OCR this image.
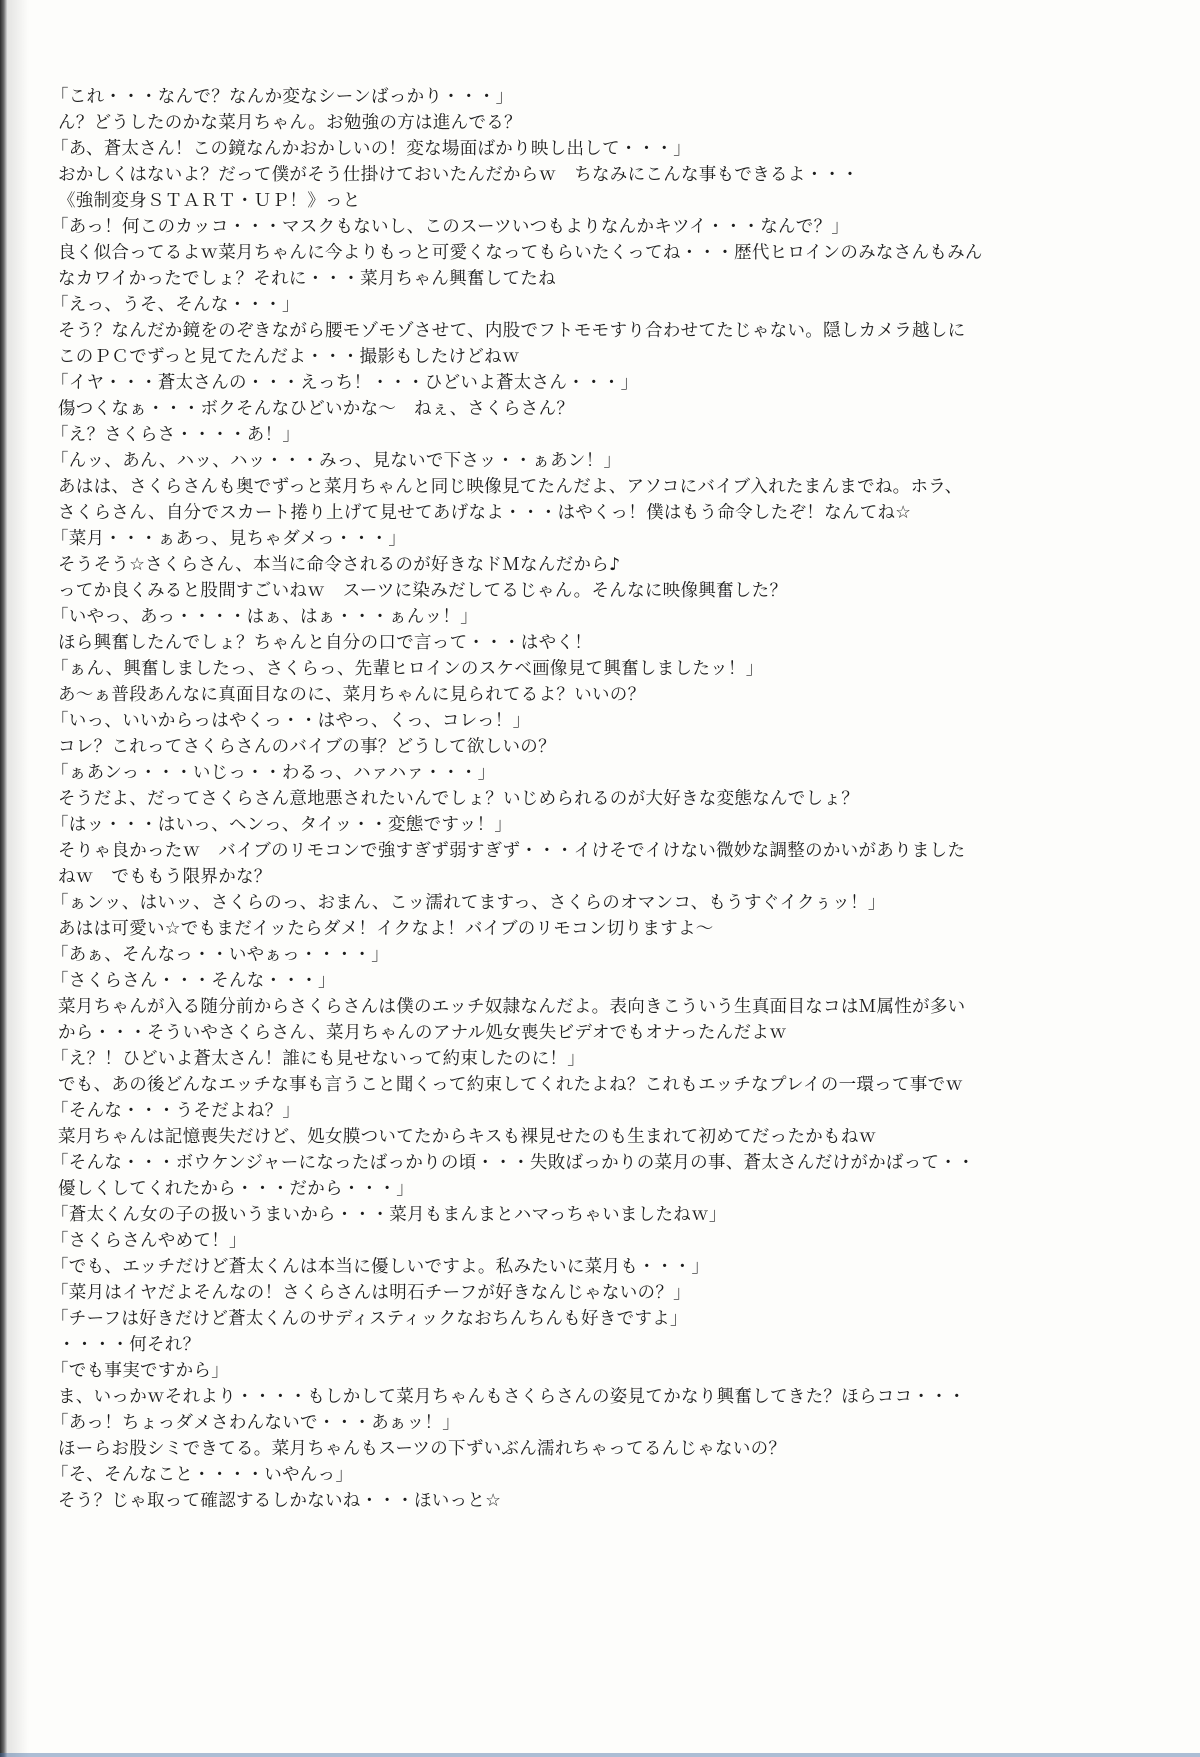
「これ・・・なんで？なんか変なシーンばっかり・・・」
ん？どうしたのかな菜月ちゃん。お勉強の方は進んでる？
「あ、蒼太さん！この鏡なんかおかしいの！変な場面ばかり映し出して・・・」
おかしくはないよ？だって僕がそう仕掛けておいたんだからｗ　ちなみにこんな事もできるよ・・・
《強制変身ＳＴＡＲＴ・ＵＰ！》っと
「あっ！何このカッコ・・・マスクもないし、このスーツいつもよりなんかキツイ・・・なんで？」
良く似合ってるよｗ菜月ちゃんに今よりもっと可愛くなってもらいたくってね・・・歴代ヒロインのみなさんもみん
なカワイかったでしょ？それに・・・菜月ちゃん興奮してたね
「えっ、うそ、そんな・・・」
そう？なんだか鏡をのぞきながら腰モゾモゾさせて、内股でフトモモすり合わせてたじゃない。隠しカメラ越しに
このＰＣでずっと見てたんだよ・・・撮影もしたけどねｗ
「イヤ・・・蒼太さんの・・・えっち！・・・ひどいよ蒼太さん・・・」
傷つくなぁ・・・ボクそんなひどいかな～　ねぇ、さくらさん？
「え？さくらさ・・・・あ！」
「んッ、あん、ハッ、ハッ・・・みっ、見ないで下さッ・・ぁあン！」
あはは、さくらさんも奥でずっと菜月ちゃんと同じ映像見てたんだよ、アソコにバイブ入れたまんまでね。ホラ、
さくらさん、自分でスカート捲り上げて見せてあげなよ・・・はやくっ！僕はもう命令したぞ！なんてね☆
「菜月・・・ぁあっ、見ちゃダメっ・・・」
そうそう☆さくらさん、本当に命令されるのが好きなドＭなんだから♪
ってか良くみると股間すごいねｗ　スーツに染みだしてるじゃん。そんなに映像興奮した？
「いやっ、あっ・・・・はぁ、はぁ・・・ぁんッ！」
ほら興奮したんでしょ？ちゃんと自分の口で言って・・・はやく！
「ぁん、興奮しましたっ、さくらっ、先輩ヒロインのスケベ画像見て興奮しましたッ！」
あ～ぁ普段あんなに真面目なのに、菜月ちゃんに見られてるよ？いいの？
「いっ、いいからっはやくっ・・はやっ、くっ、コレっ！」
コレ？これってさくらさんのバイブの事？どうして欲しいの？
「ぁあンっ・・・いじっ・・わるっ、ハァハァ・・・」
そうだよ、だってさくらさん意地悪されたいんでしょ？いじめられるのが大好きな変態なんでしょ？
「はッ・・・はいっ、ヘンっ、タイッ・・変態ですッ！」
そりゃ良かったｗ　バイブのリモコンで強すぎず弱すぎず・・・イけそでイけない微妙な調整のかいがありました
ねｗ　でももう限界かな？
「ぁンッ、はいッ、さくらのっ、おまん、こッ濡れてますっ、さくらのオマンコ、もうすぐイクぅッ！」
あはは可愛い☆でもまだイッたらダメ！イクなよ！バイブのリモコン切りますよ～
「あぁ、そんなっ・・いやぁっ・・・・」
「さくらさん・・・そんな・・・」
菜月ちゃんが入る随分前からさくらさんは僕のエッチ奴隷なんだよ。表向きこういう生真面目なコはＭ属性が多い
から・・・そういやさくらさん、菜月ちゃんのアナル処女喪失ビデオでもオナったんだよｗ
「え？！ひどいよ蒼太さん！誰にも見せないって約束したのに！」
でも、あの後どんなエッチな事も言うこと聞くって約束してくれたよね？これもエッチなプレイの一環って事でｗ
「そんな・・・うそだよね？」
菜月ちゃんは記憶喪失だけど、処女膜ついてたからキスも裸見せたのも生まれて初めてだったかもねｗ
「そんな・・・ボウケンジャーになったばっかりの頃・・・失敗ばっかりの菜月の事、蒼太さんだけがかばって・・
優しくしてくれたから・・・だから・・・」
「蒼太くん女の子の扱いうまいから・・・菜月もまんまとハマっちゃいましたねｗ」
「さくらさんやめて！」
「でも、エッチだけど蒼太くんは本当に優しいですよ。私みたいに菜月も・・・」
「菜月はイヤだよそんなの！さくらさんは明石チーフが好きなんじゃないの？」
「チーフは好きだけど蒼太くんのサディスティックなおちんちんも好きですよ」
・・・・何それ？
「でも事実ですから」
ま、いっかｗそれより・・・・もしかして菜月ちゃんもさくらさんの姿見てかなり興奮してきた？ほらココ・・・
「あっ！ちょっダメさわんないで・・・あぁッ！」
ほーらお股シミできてる。菜月ちゃんもスーツの下ずいぶん濡れちゃってるんじゃないの？
「そ、そんなこと・・・・いやんっ」
そう？じゃ取って確認するしかないね・・・ほいっと☆
